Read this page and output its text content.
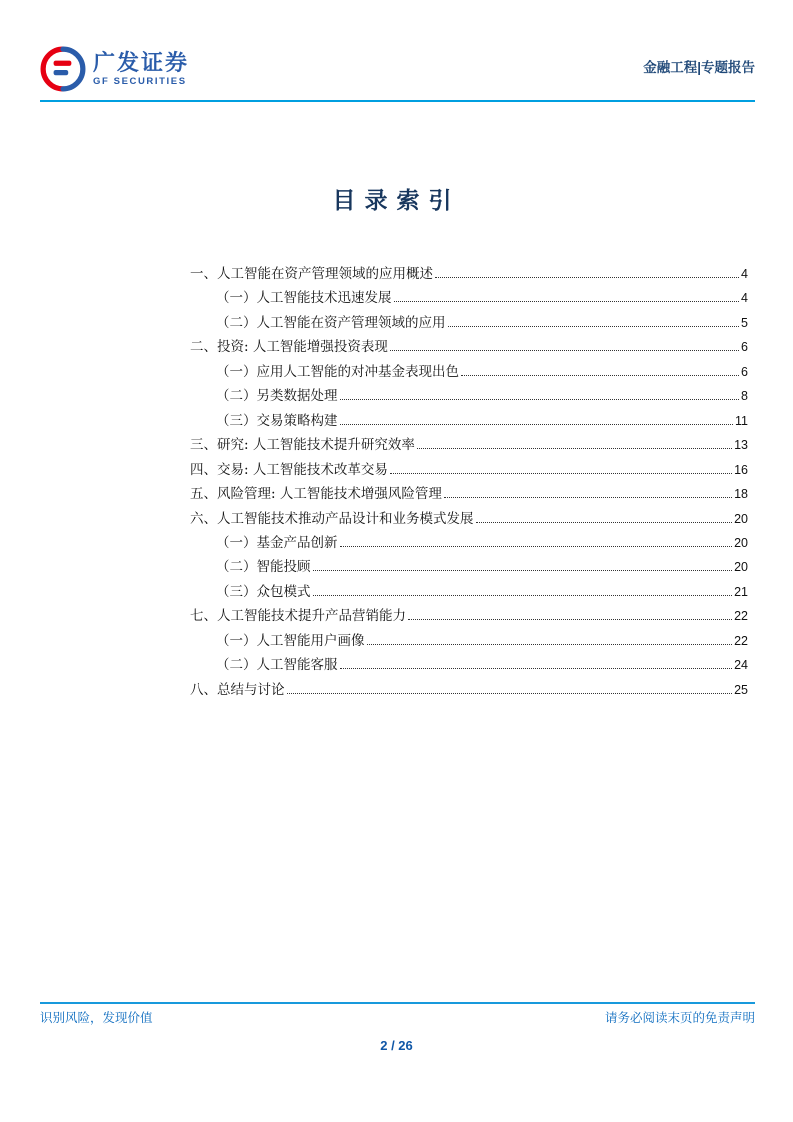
广发证券
GF SECURITIES
金融工程|专题报告
目录索引
一、人工智能在资产管理领域的应用概述	4
（一）人工智能技术迅速发展	4
（二）人工智能在资产管理领域的应用	5
二、投资: 人工智能增强投资表现	6
（一）应用人工智能的对冲基金表现出色	6
（二）另类数据处理	8
（三）交易策略构建	11
三、研究: 人工智能技术提升研究效率	13
四、交易: 人工智能技术改革交易	16
五、风险管理: 人工智能技术增强风险管理	18
六、人工智能技术推动产品设计和业务模式发展	20
（一）基金产品创新	20
（二）智能投顾	20
（三）众包模式	21
七、人工智能技术提升产品营销能力	22
（一）人工智能用户画像	22
（二）人工智能客服	24
八、总结与讨论	25
识别风险，发现价值	请务必阅读末页的免责声明
2 / 26
